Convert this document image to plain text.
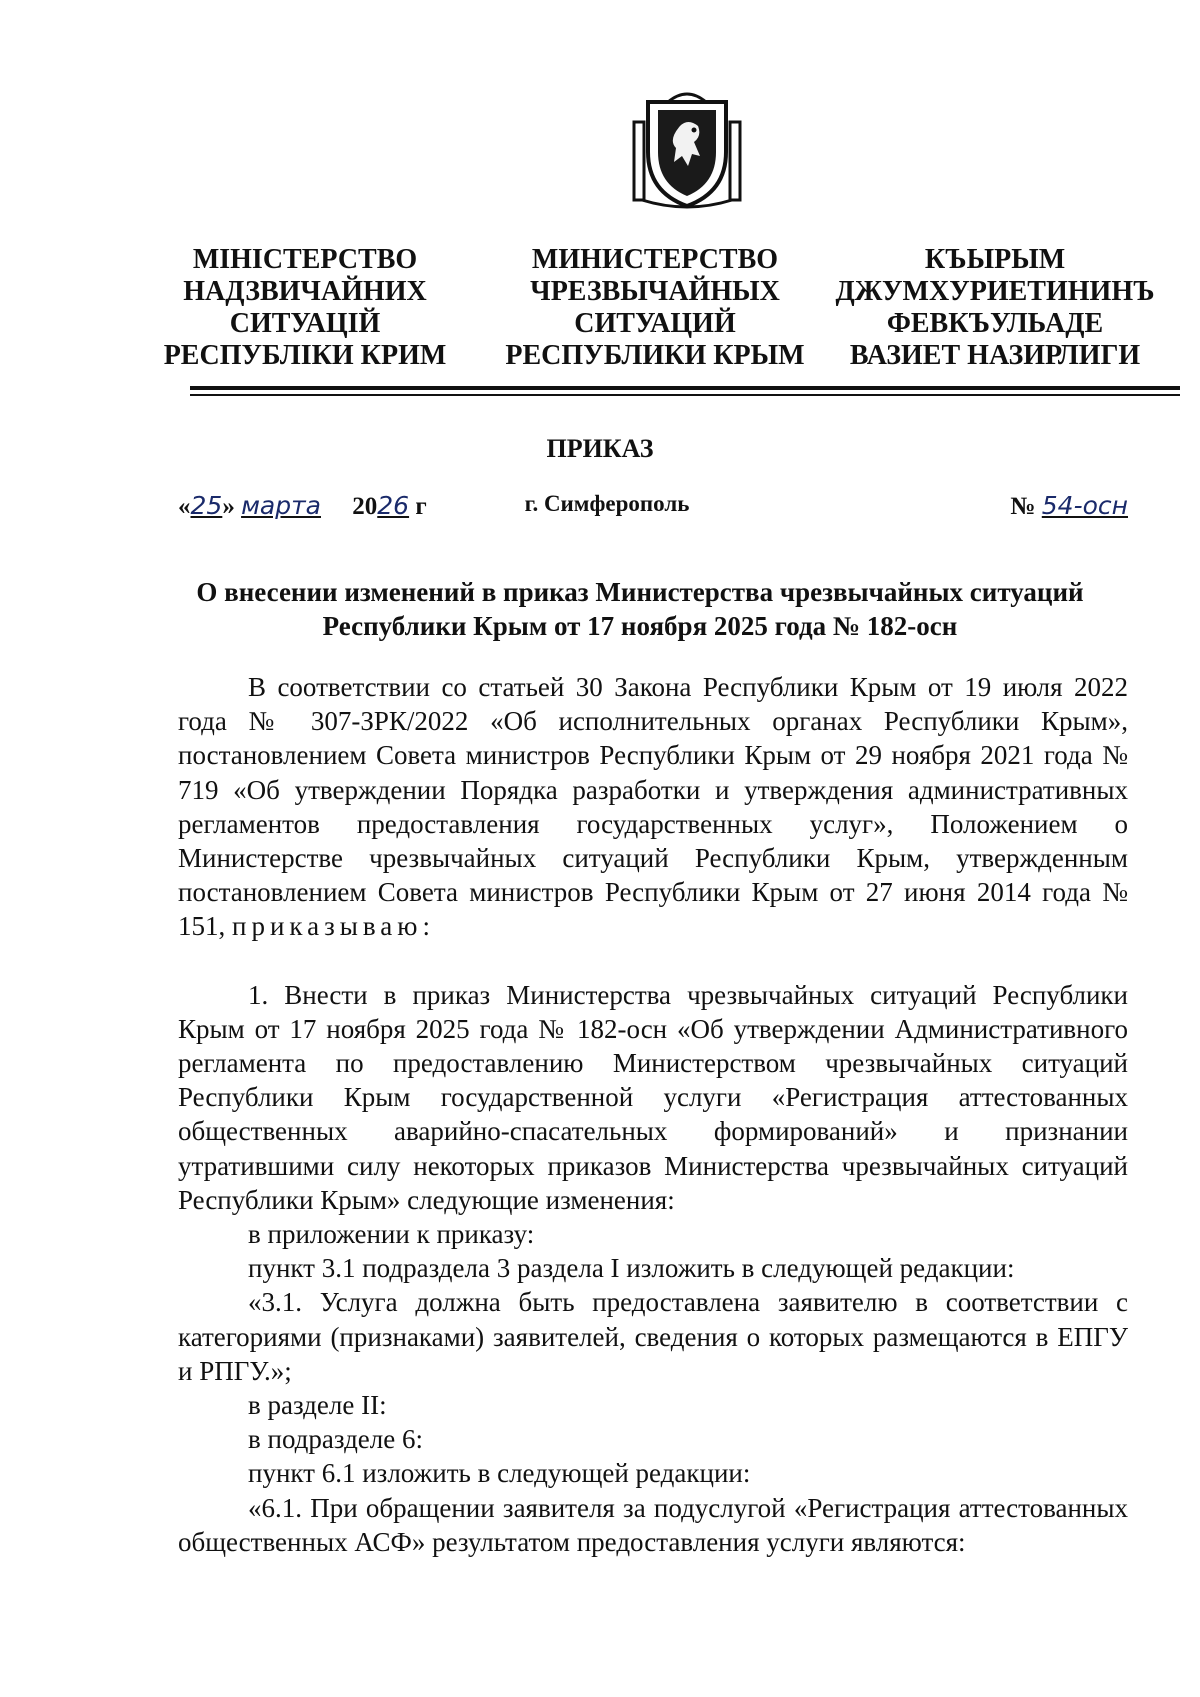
МІНІСТЕРСТВО
НАДЗВИЧАЙНИХ
СИТУАЦІЙ
РЕСПУБЛІКИ КРИМ
МИНИСТЕРСТВО
ЧРЕЗВЫЧАЙНЫХ
СИТУАЦИЙ
РЕСПУБЛИКИ КРЫМ
КЪЫРЫМ
ДЖУМХУРИЕТИНИНЪ
ФЕВКЪУЛЬАДЕ
ВАЗИЕТ НАЗИРЛИГИ
ПРИКАЗ
«25» марта 2026 г	г. Симферополь	№ 54-осн
О внесении изменений в приказ Министерства чрезвычайных ситуаций
Республики Крым от 17 ноября 2025 года № 182-осн

В соответствии со статьей 30 Закона Республики Крым от 19 июля 2022 года № 307-ЗРК/2022 «Об исполнительных органах Республики Крым», постановлением Совета министров Республики Крым от 29 ноября 2021 года № 719 «Об утверждении Порядка разработки и утверждения административных регламентов предоставления государственных услуг», Положением о Министерстве чрезвычайных ситуаций Республики Крым, утвержденным постановлением Совета министров Республики Крым от 27 июня 2014 года № 151, приказываю:

1. Внести в приказ Министерства чрезвычайных ситуаций Республики Крым от 17 ноября 2025 года № 182-осн «Об утверждении Административного регламента по предоставлению Министерством чрезвычайных ситуаций Республики Крым государственной услуги «Регистрация аттестованных общественных аварийно-спасательных формирований» и признании утратившими силу некоторых приказов Министерства чрезвычайных ситуаций Республики Крым» следующие изменения:

в приложении к приказу:

пункт 3.1 подраздела 3 раздела I изложить в следующей редакции:

«3.1. Услуга должна быть предоставлена заявителю в соответствии с категориями (признаками) заявителей, сведения о которых размещаются в ЕПГУ и РПГУ.»;

в разделе II:

в подразделе 6:

пункт 6.1 изложить в следующей редакции:

«6.1. При обращении заявителя за подуслугой «Регистрация аттестованных общественных АСФ» результатом предоставления услуги являются:
